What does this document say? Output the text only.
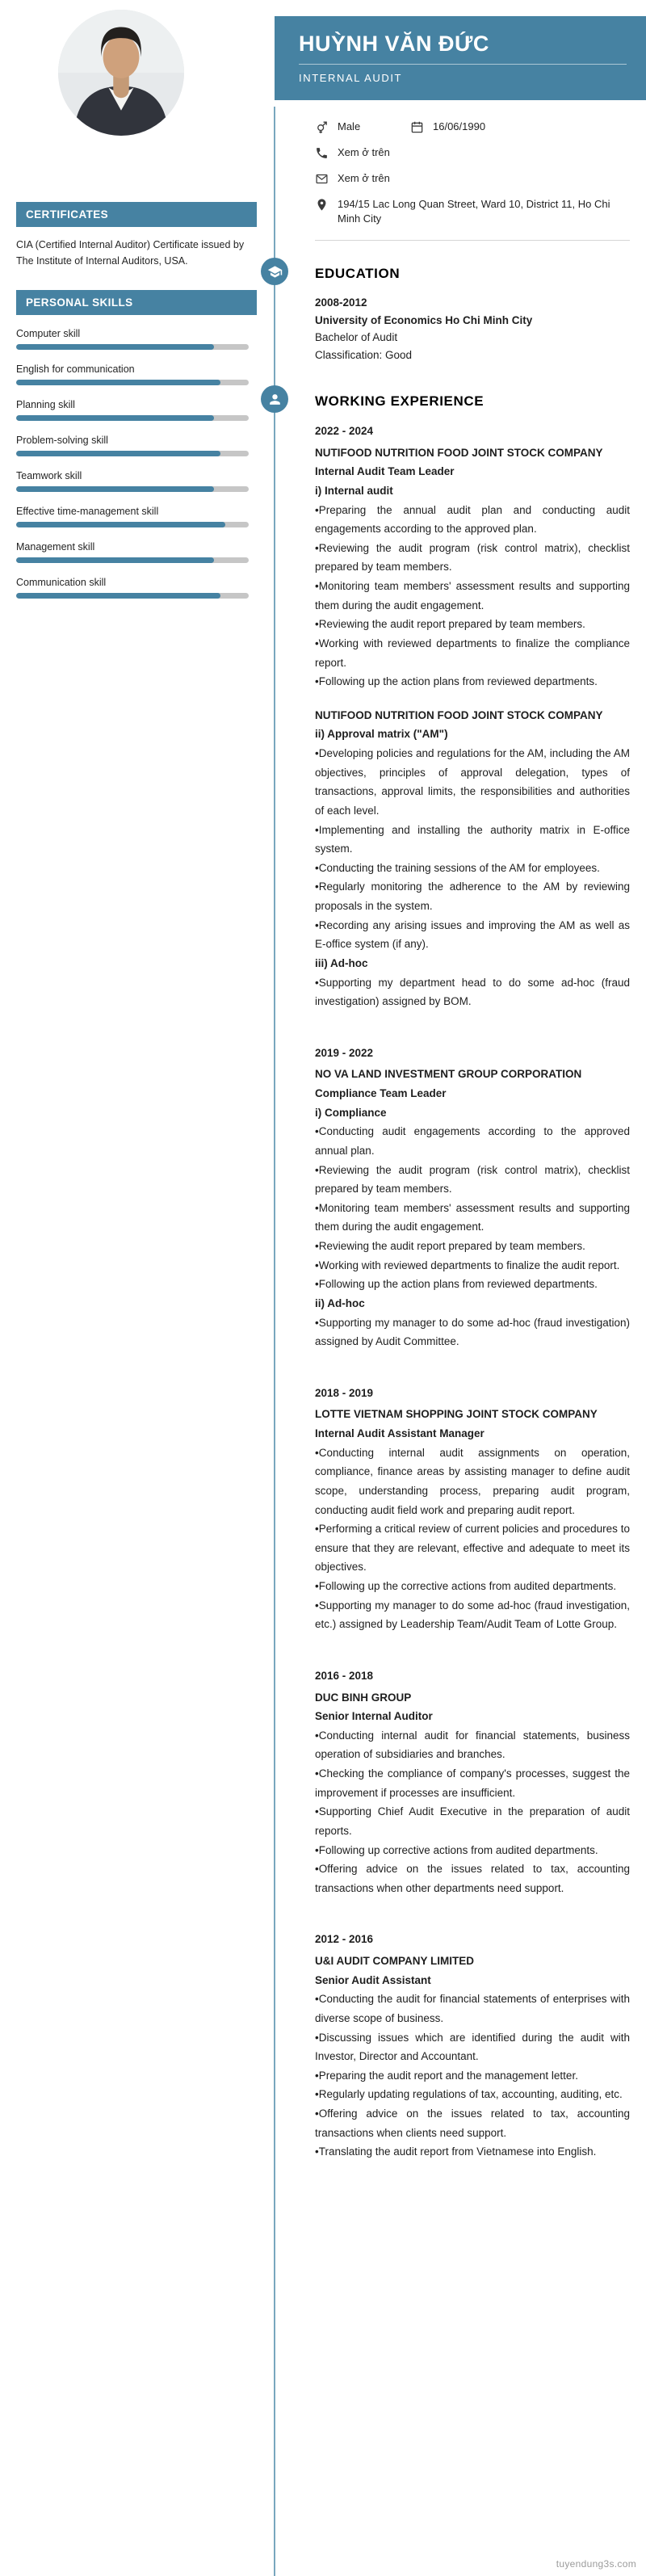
HUỲNH VĂN ĐỨC
INTERNAL AUDIT
CERTIFICATES

CIA (Certified Internal Auditor) Certificate issued by The Institute of Internal Auditors, USA.

PERSONAL SKILLS
Computer skill
English for communication
Planning skill
Problem-solving skill
Teamwork skill
Effective time-management skill
Management skill
Communication skill
Male	16/06/1990
Xem ở trên
Xem ở trên
194/15 Lac Long Quan Street, Ward 10, District 11, Ho Chi Minh City
EDUCATION
2008-2012
University of Economics Ho Chi Minh City
Bachelor of Audit
Classification: Good
WORKING EXPERIENCE
2022 - 2024
NUTIFOOD NUTRITION FOOD JOINT STOCK COMPANY
Internal Audit Team Leader
i) Internal audit
• Preparing the annual audit plan and conducting audit engagements according to the approved plan.
• Reviewing the audit program (risk control matrix), checklist prepared by team members.
• Monitoring team members' assessment results and supporting them during the audit engagement.
• Reviewing the audit report prepared by team members.
• Working with reviewed departments to finalize the compliance report.
• Following up the action plans from reviewed departments.
NUTIFOOD NUTRITION FOOD JOINT STOCK COMPANY
ii) Approval matrix ("AM")
• Developing policies and regulations for the AM, including the AM objectives, principles of approval delegation, types of transactions, approval limits, the responsibilities and authorities of each level.
• Implementing and installing the authority matrix in E-office system.
• Conducting the training sessions of the AM for employees.
• Regularly monitoring the adherence to the AM by reviewing proposals in the system.
• Recording any arising issues and improving the AM as well as E-office system (if any).
iii) Ad-hoc
• Supporting my department head to do some ad-hoc (fraud investigation) assigned by BOM.
2019 - 2022
NO VA LAND INVESTMENT GROUP CORPORATION
Compliance Team Leader
i) Compliance
• Conducting audit engagements according to the approved annual plan.
• Reviewing the audit program (risk control matrix), checklist prepared by team members.
• Monitoring team members' assessment results and supporting them during the audit engagement.
• Reviewing the audit report prepared by team members.
• Working with reviewed departments to finalize the audit report.
• Following up the action plans from reviewed departments.
ii) Ad-hoc
• Supporting my manager to do some ad-hoc (fraud investigation) assigned by Audit Committee.
2018 - 2019
LOTTE VIETNAM SHOPPING JOINT STOCK COMPANY
Internal Audit Assistant Manager
• Conducting internal audit assignments on operation, compliance, finance areas by assisting manager to define audit scope, understanding process, preparing audit program, conducting audit field work and preparing audit report.
• Performing a critical review of current policies and procedures to ensure that they are relevant, effective and adequate to meet its objectives.
• Following up the corrective actions from audited departments.
• Supporting my manager to do some ad-hoc (fraud investigation, etc.) assigned by Leadership Team/Audit Team of Lotte Group.
2016 - 2018
DUC BINH GROUP
Senior Internal Auditor
• Conducting internal audit for financial statements, business operation of subsidiaries and branches.
• Checking the compliance of company's processes, suggest the improvement if processes are insufficient.
• Supporting Chief Audit Executive in the preparation of audit reports.
• Following up corrective actions from audited departments.
• Offering advice on the issues related to tax, accounting transactions when other departments need support.
2012 - 2016
U&I AUDIT COMPANY LIMITED
Senior Audit Assistant
• Conducting the audit for financial statements of enterprises with diverse scope of business.
• Discussing issues which are identified during the audit with Investor, Director and Accountant.
• Preparing the audit report and the management letter.
• Regularly updating regulations of tax, accounting, auditing, etc.
• Offering advice on the issues related to tax, accounting transactions when clients need support.
• Translating the audit report from Vietnamese into English.
tuyendung3s.com
